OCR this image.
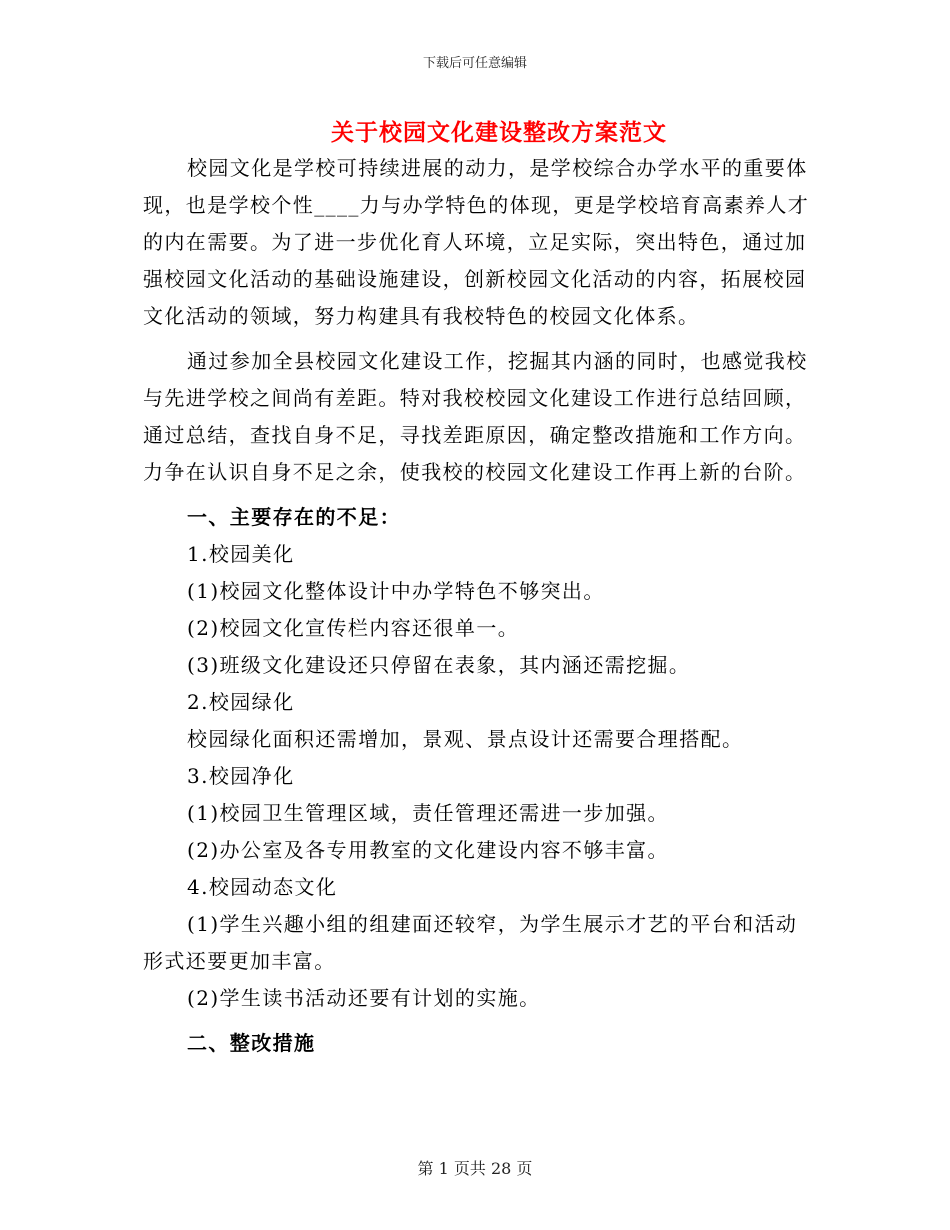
下载后可任意编辑
关于校园文化建设整改方案范文

校园文化是学校可持续进展的动力，是学校综合办学水平的重要体现，也是学校个性____力与办学特色的体现，更是学校培育高素养人才的内在需要。为了进一步优化育人环境，立足实际，突出特色，通过加强校园文化活动的基础设施建设，创新校园文化活动的内容，拓展校园文化活动的领域，努力构建具有我校特色的校园文化体系。

通过参加全县校园文化建设工作，挖掘其内涵的同时，也感觉我校与先进学校之间尚有差距。特对我校校园文化建设工作进行总结回顾，通过总结，查找自身不足，寻找差距原因，确定整改措施和工作方向。力争在认识自身不足之余，使我校的校园文化建设工作再上新的台阶。

一、主要存在的不足：

1.校园美化

(1)校园文化整体设计中办学特色不够突出。

(2)校园文化宣传栏内容还很单一。

(3)班级文化建设还只停留在表象，其内涵还需挖掘。

2.校园绿化

校园绿化面积还需增加，景观、景点设计还需要合理搭配。

3.校园净化

(1)校园卫生管理区域，责任管理还需进一步加强。

(2)办公室及各专用教室的文化建设内容不够丰富。

4.校园动态文化

(1)学生兴趣小组的组建面还较窄，为学生展示才艺的平台和活动形式还要更加丰富。

(2)学生读书活动还要有计划的实施。

二、整改措施

第 1 页共 28 页
